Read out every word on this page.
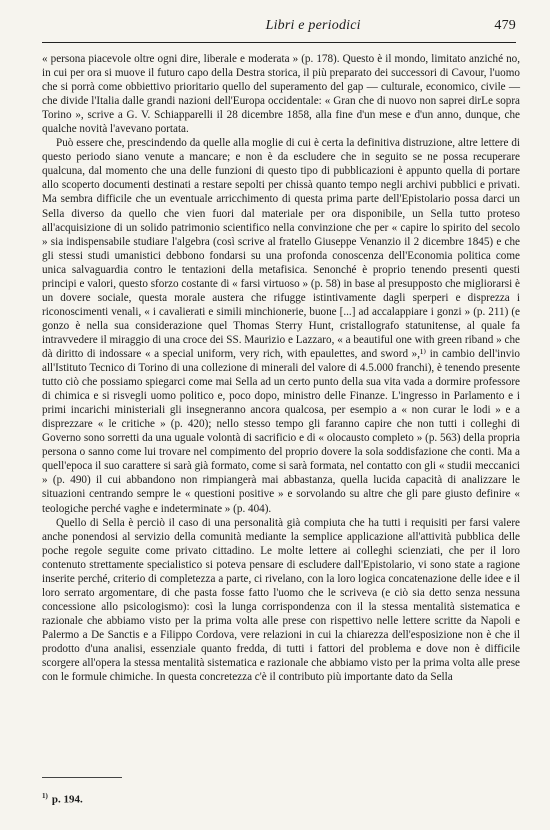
Libri e periodici	479

« persona piacevole oltre ogni dire, liberale e moderata » (p. 178). Questo è il mondo, limitato anziché no, in cui per ora si muove il futuro capo della Destra storica, il più preparato dei successori di Cavour, l'uomo che si porrà come obbiettivo prioritario quello del superamento del gap — culturale, economico, civile — che divide l'Italia dalle grandi nazioni dell'Europa occidentale: « Gran che di nuovo non saprei dirLe sopra Torino », scrive a G. V. Schiapparelli il 28 dicembre 1858, alla fine d'un mese e d'un anno, dunque, che qualche novità l'avevano portata.

Può essere che, prescindendo da quelle alla moglie di cui è certa la definitiva distruzione, altre lettere di questo periodo siano venute a mancare; e non è da escludere che in seguito se ne possa recuperare qualcuna, dal momento che una delle funzioni di questo tipo di pubblicazioni è appunto quella di portare allo scoperto documenti destinati a restare sepolti per chissà quanto tempo negli archivi pubblici e privati. Ma sembra difficile che un eventuale arricchimento di questa prima parte dell'Epistolario possa darci un Sella diverso da quello che vien fuori dal materiale per ora disponibile, un Sella tutto proteso all'acquisizione di un solido patrimonio scientifico nella convinzione che per « capire lo spirito del secolo » sia indispensabile studiare l'algebra (così scrive al fratello Giuseppe Venanzio il 2 dicembre 1845) e che gli stessi studi umanistici debbono fondarsi su una profonda conoscenza dell'Economia politica come unica salvaguardia contro le tentazioni della metafisica. Senonché è proprio tenendo presenti questi principi e valori, questo sforzo costante di « farsi virtuoso » (p. 58) in base al presupposto che migliorarsi è un dovere sociale, questa morale austera che rifugge istintivamente dagli sperperi e disprezza i riconoscimenti venali, « i cavalierati e simili minchionerie, buone [...] ad accalappiare i gonzi » (p. 211) (e gonzo è nella sua considerazione quel Thomas Sterry Hunt, cristallografo statunitense, al quale fa intravvedere il miraggio di una croce dei SS. Maurizio e Lazzaro, « a beautiful one with green riband » che dà diritto di indossare « a special uniform, very rich, with epaulettes, and sword »,¹⁾ in cambio dell'invio all'Istituto Tecnico di Torino di una collezione di minerali del valore di 4.5.000 franchi), è tenendo presente tutto ciò che possiamo spiegarci come mai Sella ad un certo punto della sua vita vada a dormire professore di chimica e si risvegli uomo politico e, poco dopo, ministro delle Finanze. L'ingresso in Parlamento e i primi incarichi ministeriali gli insegneranno ancora qualcosa, per esempio a « non curar le lodi » e a disprezzare « le critiche » (p. 420); nello stesso tempo gli faranno capire che non tutti i colleghi di Governo sono sorretti da una uguale volontà di sacrificio e di « olocausto completo » (p. 563) della propria persona o sanno come lui trovare nel compimento del proprio dovere la sola soddisfazione che conti. Ma a quell'epoca il suo carattere si sarà già formato, come si sarà formata, nel contatto con gli « studii meccanici » (p. 490) il cui abbandono non rimpiangerà mai abbastanza, quella lucida capacità di analizzare le situazioni centrando sempre le « questioni positive » e sorvolando su altre che gli pare giusto definire « teologiche perché vaghe e indeterminate » (p. 404).

Quello di Sella è perciò il caso di una personalità già compiuta che ha tutti i requisiti per farsi valere anche ponendosi al servizio della comunità mediante la semplice applicazione all'attività pubblica delle poche regole seguite come privato cittadino. Le molte lettere ai colleghi scienziati, che per il loro contenuto strettamente specialistico si poteva pensare di escludere dall'Epistolario, vi sono state a ragione inserite perché, criterio di completezza a parte, ci rivelano, con la loro logica concatenazione delle idee e il loro serrato argomentare, di che pasta fosse fatto l'uomo che le scriveva (e ciò sia detto senza nessuna concessione allo psicologismo): così la lunga corrispondenza con il la stessa mentalità sistematica e razionale che abbiamo visto per la prima volta alle prese con rispettivo nelle lettere scritte da Napoli e Palermo a De Sanctis e a Filippo Cordova, vere relazioni in cui la chiarezza dell'esposizione non è che il prodotto d'una analisi, essenziale quanto fredda, di tutti i fattori del problema e dove non è difficile scorgere all'opera la stessa mentalità sistematica e razionale che abbiamo visto per la prima volta alle prese con le formule chimiche. In questa concretezza c'è il contributo più importante dato da Sella

$^{1)}$ p. 194.
